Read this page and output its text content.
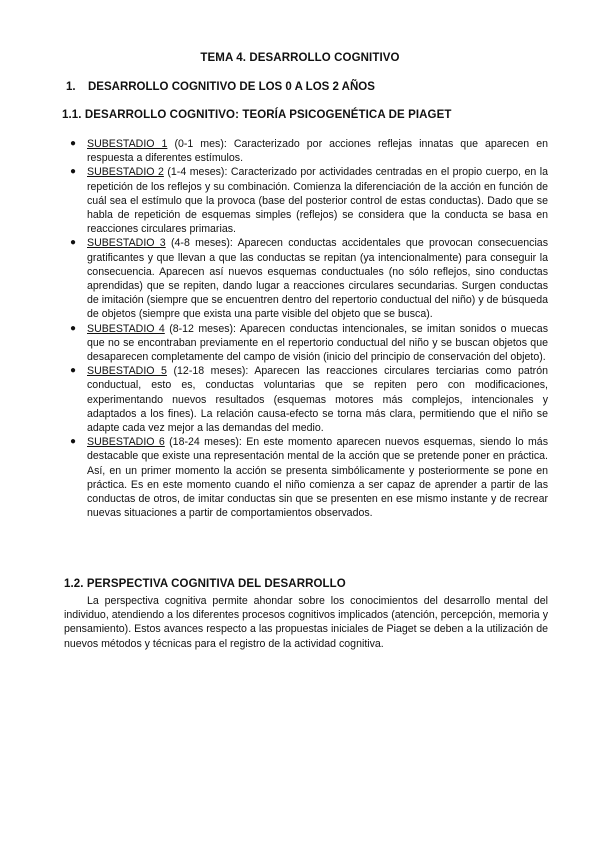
TEMA 4. DESARROLLO COGNITIVO
1. DESARROLLO COGNITIVO DE LOS 0 A LOS 2 AÑOS
1.1. DESARROLLO COGNITIVO: TEORÍA PSICOGENÉTICA DE PIAGET
● SUBESTADIO 1 (0-1 mes): Caracterizado por acciones reflejas innatas que aparecen en respuesta a diferentes estímulos.
● SUBESTADIO 2 (1-4 meses): Caracterizado por actividades centradas en el propio cuerpo, en la repetición de los reflejos y su combinación. Comienza la diferenciación de la acción en función de cuál sea el estímulo que la provoca (base del posterior control de estas conductas). Dado que se habla de repetición de esquemas simples (reflejos) se considera que la conducta se basa en reacciones circulares primarias.
● SUBESTADIO 3 (4-8 meses): Aparecen conductas accidentales que provocan consecuencias gratificantes y que llevan a que las conductas se repitan (ya intencionalmente) para conseguir la consecuencia. Aparecen así nuevos esquemas conductuales (no sólo reflejos, sino conductas aprendidas) que se repiten, dando lugar a reacciones circulares secundarias. Surgen conductas de imitación (siempre que se encuentren dentro del repertorio conductual del niño) y de búsqueda de objetos (siempre que exista una parte visible del objeto que se busca).
● SUBESTADIO 4 (8-12 meses): Aparecen conductas intencionales, se imitan sonidos o muecas que no se encontraban previamente en el repertorio conductual del niño y se buscan objetos que desaparecen completamente del campo de visión (inicio del principio de conservación del objeto).
● SUBESTADIO 5 (12-18 meses): Aparecen las reacciones circulares terciarias como patrón conductual, esto es, conductas voluntarias que se repiten pero con modificaciones, experimentando nuevos resultados (esquemas motores más complejos, intencionales y adaptados a los fines). La relación causa-efecto se torna más clara, permitiendo que el niño se adapte cada vez mejor a las demandas del medio.
● SUBESTADIO 6 (18-24 meses): En este momento aparecen nuevos esquemas, siendo lo más destacable que existe una representación mental de la acción que se pretende poner en práctica. Así, en un primer momento la acción se presenta simbólicamente y posteriormente se pone en práctica. Es en este momento cuando el niño comienza a ser capaz de aprender a partir de las conductas de otros, de imitar conductas sin que se presenten en ese mismo instante y de recrear nuevas situaciones a partir de comportamientos observados.
1.2. PERSPECTIVA COGNITIVA DEL DESARROLLO

La perspectiva cognitiva permite ahondar sobre los conocimientos del desarrollo mental del individuo, atendiendo a los diferentes procesos cognitivos implicados (atención, percepción, memoria y pensamiento). Estos avances respecto a las propuestas iniciales de Piaget se deben a la utilización de nuevos métodos y técnicas para el registro de la actividad cognitiva.
